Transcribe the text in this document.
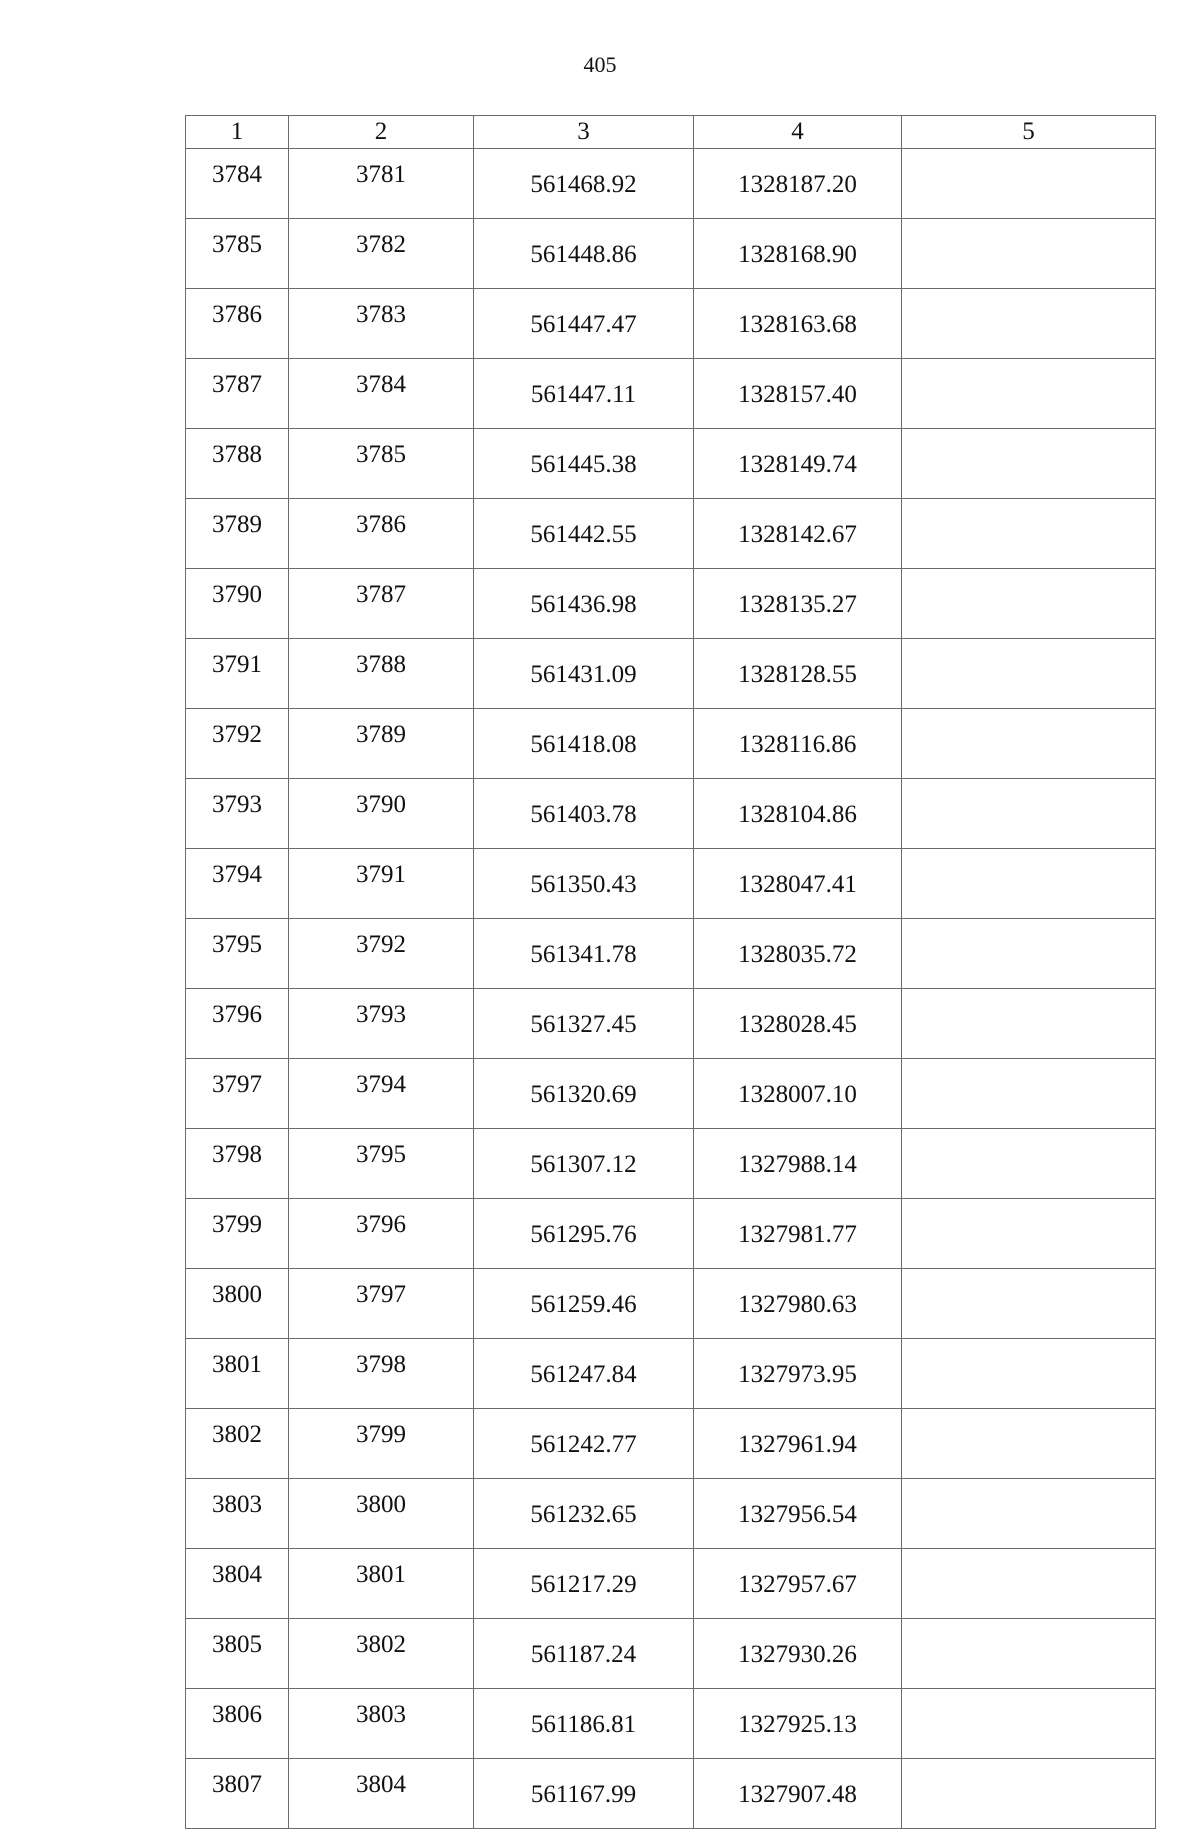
405
1	2	3	4	5
3784	3781	561468.92	1328187.20	
3785	3782	561448.86	1328168.90	
3786	3783	561447.47	1328163.68	
3787	3784	561447.11	1328157.40	
3788	3785	561445.38	1328149.74	
3789	3786	561442.55	1328142.67	
3790	3787	561436.98	1328135.27	
3791	3788	561431.09	1328128.55	
3792	3789	561418.08	1328116.86	
3793	3790	561403.78	1328104.86	
3794	3791	561350.43	1328047.41	
3795	3792	561341.78	1328035.72	
3796	3793	561327.45	1328028.45	
3797	3794	561320.69	1328007.10	
3798	3795	561307.12	1327988.14	
3799	3796	561295.76	1327981.77	
3800	3797	561259.46	1327980.63	
3801	3798	561247.84	1327973.95	
3802	3799	561242.77	1327961.94	
3803	3800	561232.65	1327956.54	
3804	3801	561217.29	1327957.67	
3805	3802	561187.24	1327930.26	
3806	3803	561186.81	1327925.13	
3807	3804	561167.99	1327907.48	
